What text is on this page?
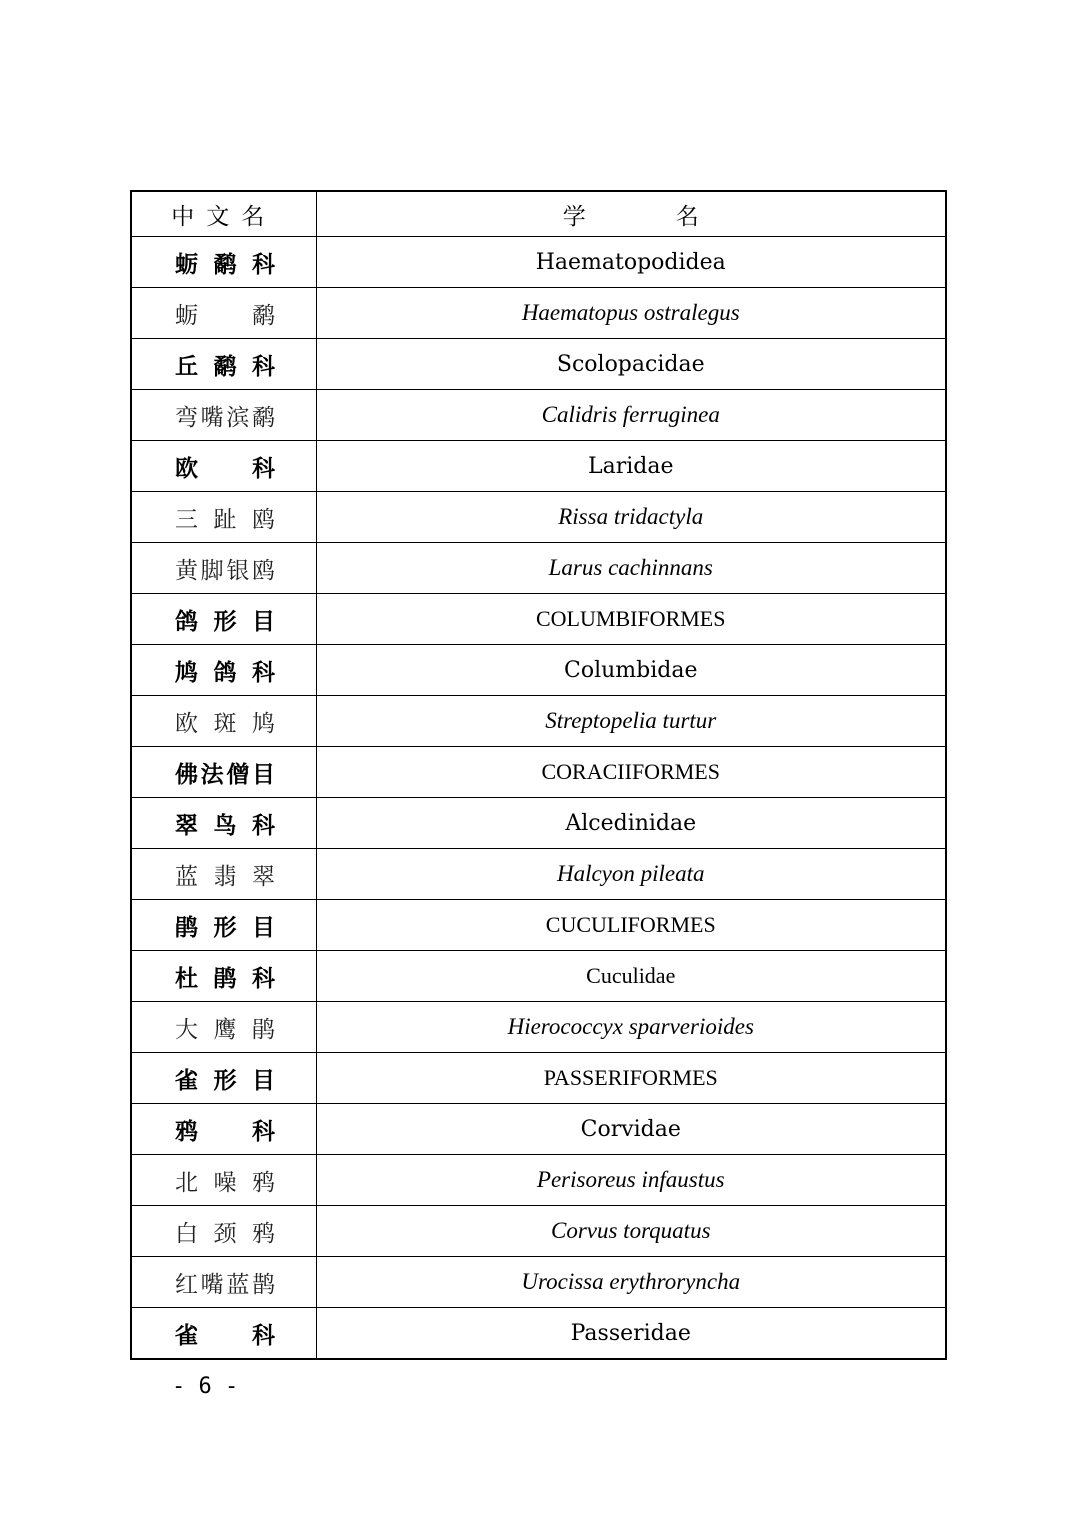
中文名	学名
蛎鹬科	Haematopodidea
蛎鹬	Haematopus ostralegus
丘鹬科	Scolopacidae
弯嘴滨鹬	Calidris ferruginea
欧科	Laridae
三趾鸥	Rissa tridactyla
黄脚银鸥	Larus cachinnans
鸽形目	COLUMBIFORMES
鸠鸽科	Columbidae
欧斑鸠	Streptopelia turtur
佛法僧目	CORACIIFORMES
翠鸟科	Alcedinidae
蓝翡翠	Halcyon pileata
鹃形目	CUCULIFORMES
杜鹃科	Cuculidae
大鹰鹃	Hierococcyx sparverioides
雀形目	PASSERIFORMES
鸦科	Corvidae
北噪鸦	Perisoreus infaustus
白颈鸦	Corvus torquatus
红嘴蓝鹊	Urocissa erythroryncha
雀科	Passeridae
- 6 -
